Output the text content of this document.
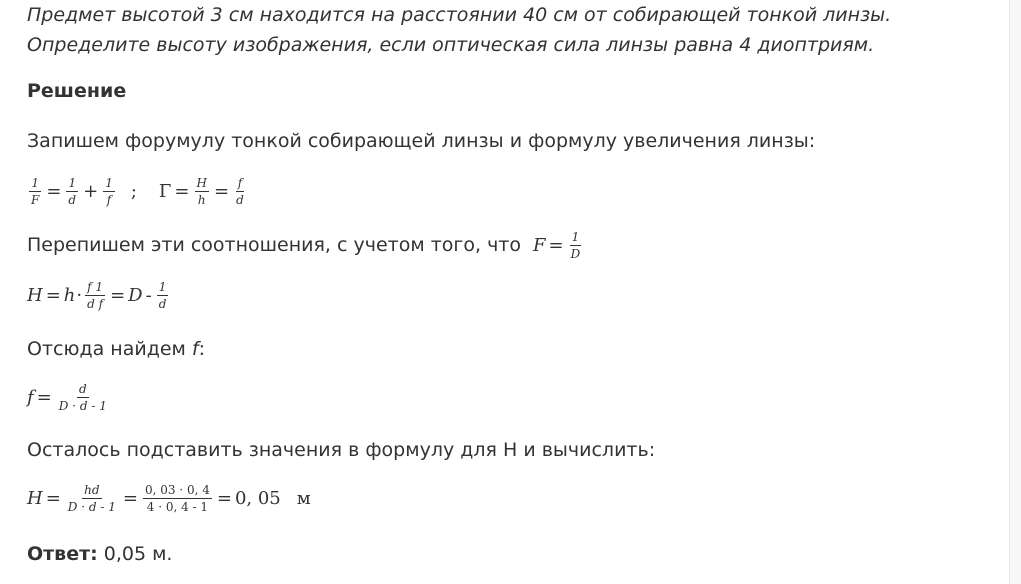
Предмет высотой 3 см находится на расстоянии 40 см от собирающей тонкой линзы.
Определите высоту изображения, если оптическая сила линзы равна 4 диоптриям.

Решение

Запишем форумулу тонкой собирающей линзы и формулу увеличения линзы:

$\frac{1}{F} = \frac{1}{d} + \frac{1}{f}$ ; $\Gamma = \frac{H}{h} = \frac{f}{d}$

Перепишем эти соотношения, с учетом того, что $F = \frac{1}{D}$

$H = h \cdot \frac{f 1}{\text{d f}} = D - \frac{1}{d}$

Отсюда найдем f:

$f = \frac{d}{D \cdot d - 1}$

Осталось подставить значения в формулу для Н и вычислить:

$H = \frac{hd}{D \cdot d - 1} = \frac{0, 03 \cdot 0, 4}{4 \cdot 0, 4 - 1} = 0$, 05 м

Ответ: 0,05 м.
